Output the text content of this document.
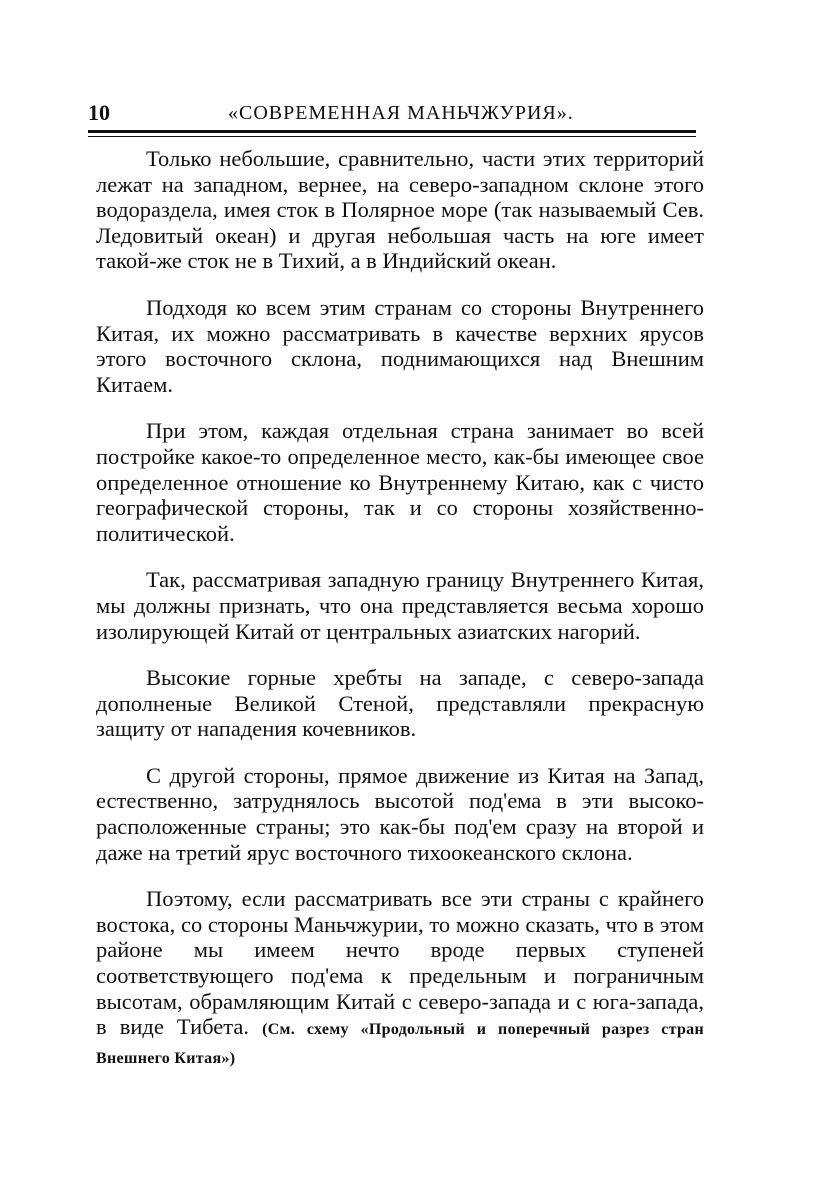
10	«СОВРЕМЕННАЯ МАНЬЧЖУРИЯ».

Только небольшие, сравнительно, части этих территорий лежат на западном, вернее, на северо-западном склоне этого водораздела, имея сток в Полярное море (так называемый Сев. Ледовитый океан) и другая небольшая часть на юге имеет такой-же сток не в Тихий, а в Индийский океан.

Подходя ко всем этим странам со стороны Внутреннего Китая, их можно рассматривать в качестве верхних ярусов этого восточного склона, поднимающихся над Внешним Китаем.

При этом, каждая отдельная страна занимает во всей постройке какое-то определенное место, как-бы имеющее свое определенное отношение ко Внутреннему Китаю, как с чисто географической стороны, так и со стороны хозяйственно-политической.

Так, рассматривая западную границу Внутреннего Китая, мы должны признать, что она представляется весьма хорошо изолирующей Китай от центральных азиатских нагорий.

Высокие горные хребты на западе, с северо-запада дополненые Великой Стеной, представляли прекрасную защиту от нападения кочевников.

С другой стороны, прямое движение из Китая на Запад, естественно, затруднялось высотой под'ема в эти высоко-расположенные страны; это как-бы под'ем сразу на второй и даже на третий ярус восточного тихоокеанского склона.

Поэтому, если рассматривать все эти страны с крайнего востока, со стороны Маньчжурии, то можно сказать, что в этом районе мы имеем нечто вроде первых ступеней соответствующего под'ема к предельным и пограничным высотам, обрамляющим Китай с северо-запада и с юга-запада, в виде Тибета. (См. схему «Продольный и поперечный разрез стран Внешнего Китая»)
